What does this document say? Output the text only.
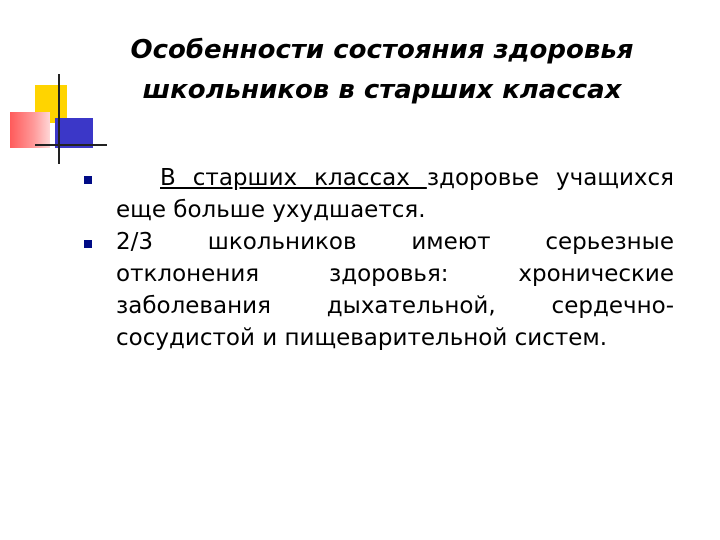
Особенности состояния здоровья
школьников в старших классах
В старших классах здоровье учащихся еще больше ухудшается.
2/3 школьников имеют серьезные отклонения здоровья: хронические заболевания дыхательной, сердечно-сосудистой и пищеварительной систем.
